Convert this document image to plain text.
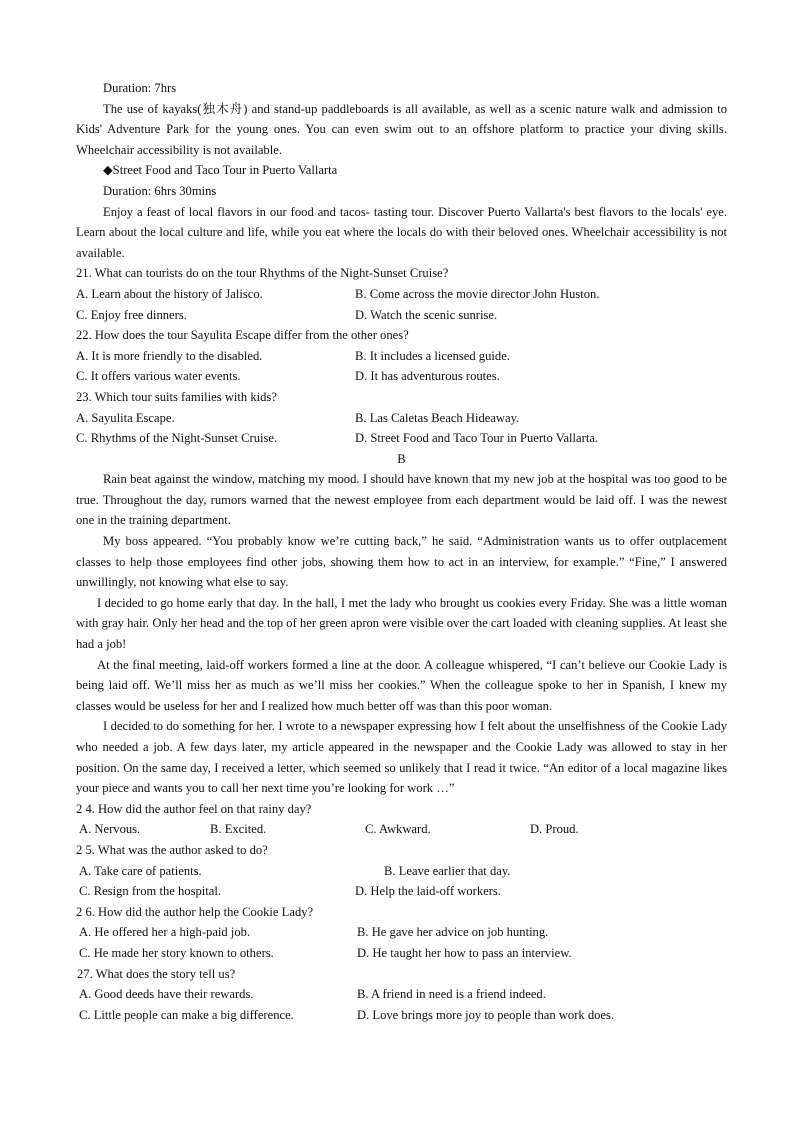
Duration: 7hrs

The use of kayaks(独木舟) and stand-up paddleboards is all available, as well as a scenic nature walk and admission to Kids' Adventure Park for the young ones. You can even swim out to an offshore platform to practice your diving skills. Wheelchair accessibility is not available.

◆Street Food and Taco Tour in Puerto Vallarta

Duration: 6hrs 30mins

Enjoy a feast of local flavors in our food and tacos- tasting tour. Discover Puerto Vallarta's best flavors to the locals' eye. Learn about the local culture and life, while you eat where the locals do with their beloved ones. Wheelchair accessibility is not available.

21. What can tourists do on the tour Rhythms of the Night-Sunset Cruise?

A. Learn about the history of Jalisco.	B. Come across the movie director John Huston.
C. Enjoy free dinners.	D. Watch the scenic sunrise.

22. How does the tour Sayulita Escape differ from the other ones?

A. It is more friendly to the disabled.	B. It includes a licensed guide.
C. It offers various water events.	D. It has adventurous routes.

23. Which tour suits families with kids?

A. Sayulita Escape.	B. Las Caletas Beach Hideaway.
C. Rhythms of the Night-Sunset Cruise.	D. Street Food and Taco Tour in Puerto Vallarta.

B

Rain beat against the window, matching my mood. I should have known that my new job at the hospital was too good to be true. Throughout the day, rumors warned that the newest employee from each department would be laid off. I was the newest one in the training department.

My boss appeared. “You probably know we’re cutting back,” he said. “Administration wants us to offer outplacement classes to help those employees find other jobs, showing them how to act in an interview, for example.” “Fine,” I answered unwillingly, not knowing what else to say.

I decided to go home early that day. In the hall, I met the lady who brought us cookies every Friday. She was a little woman with gray hair. Only her head and the top of her green apron were visible over the cart loaded with cleaning supplies. At least she had a job!

At the final meeting, laid-off workers formed a line at the door. A colleague whispered, “I can’t believe our Cookie Lady is being laid off. We’ll miss her as much as we’ll miss her cookies.” When the colleague spoke to her in Spanish, I knew my classes would be useless for her and I realized how much better off was than this poor woman.

I decided to do something for her. I wrote to a newspaper expressing how I felt about the unselfishness of the Cookie Lady who needed a job. A few days later, my article appeared in the newspaper and the Cookie Lady was allowed to stay in her position. On the same day, I received a letter, which seemed so unlikely that I read it twice. “An editor of a local magazine likes your piece and wants you to call her next time you’re looking for work …”

2 4. How did the author feel on that rainy day?

A. Nervous.	B. Excited.	C. Awkward.	D. Proud.

2 5. What was the author asked to do?

A. Take care of patients.	B. Leave earlier that day.
C. Resign from the hospital.	D. Help the laid-off workers.

2 6. How did the author help the Cookie Lady?

A. He offered her a high-paid job.	B. He gave her advice on job hunting.
C. He made her story known to others.	D. He taught her how to pass an interview.

27. What does the story tell us?

A. Good deeds have their rewards.	B. A friend in need is a friend indeed.
C. Little people can make a big difference.	D. Love brings more joy to people than work does.
